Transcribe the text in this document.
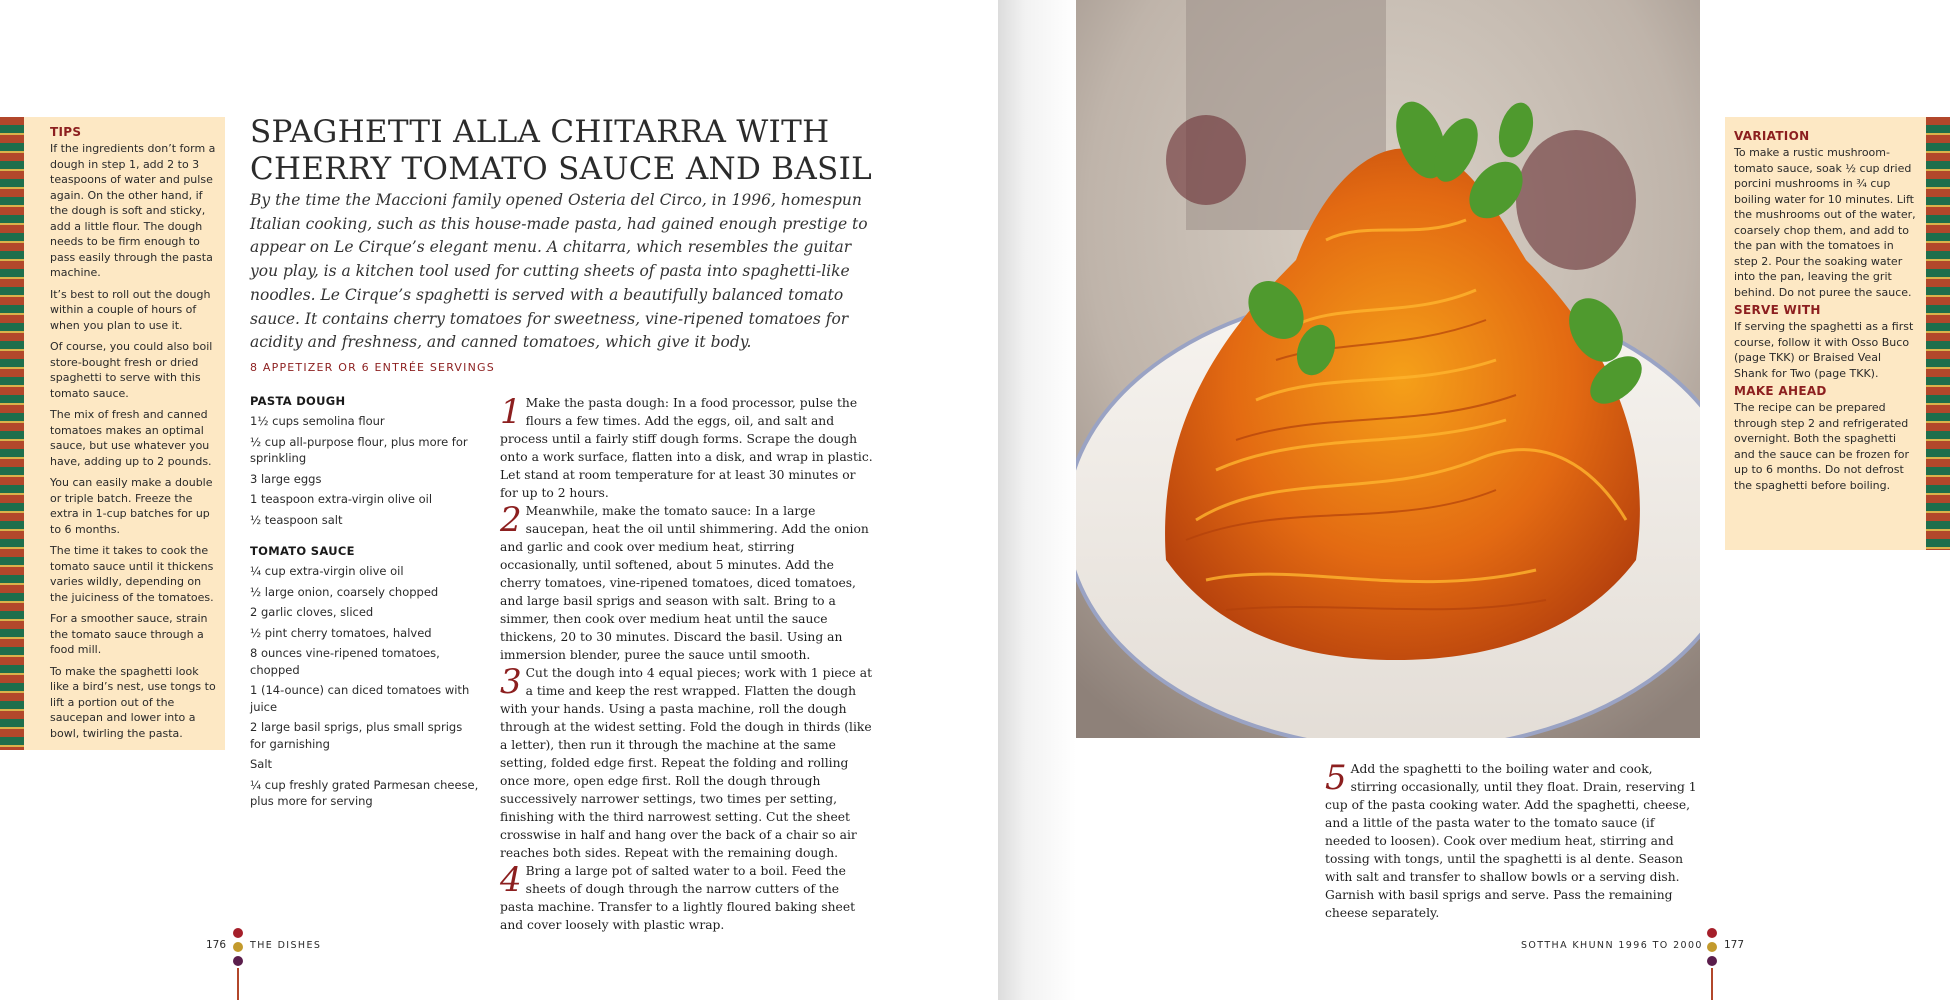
TIPS

If the ingredients don’t form a dough in step 1, add 2 to 3 teaspoons of water and pulse again. On the other hand, if the dough is soft and sticky, add a little flour. The dough needs to be firm enough to pass easily through the pasta machine.

It’s best to roll out the dough within a couple of hours of when you plan to use it.

Of course, you could also boil store-bought fresh or dried spaghetti to serve with this tomato sauce.

The mix of fresh and canned tomatoes makes an optimal sauce, but use whatever you have, adding up to 2 pounds.

You can easily make a double or triple batch. Freeze the extra in 1-cup batches for up to 6 months.

The time it takes to cook the tomato sauce until it thickens varies wildly, depending on the juiciness of the tomatoes.

For a smoother sauce, strain the tomato sauce through a food mill.

To make the spaghetti look like a bird’s nest, use tongs to lift a portion out of the saucepan and lower into a bowl, twirling the pasta.

SPAGHETTI ALLA CHITARRA WITH
CHERRY TOMATO SAUCE AND BASIL

By the time the Maccioni family opened Osteria del Circo, in 1996, homespun Italian cooking, such as this house-made pasta, had gained enough prestige to appear on Le Cirque’s elegant menu. A chitarra, which resembles the guitar you play, is a kitchen tool used for cutting sheets of pasta into spaghetti-like noodles. Le Cirque’s spaghetti is served with a beautifully balanced tomato sauce. It contains cherry tomatoes for sweetness, vine-ripened tomatoes for acidity and freshness, and canned tomatoes, which give it body.

8 APPETIZER OR 6 ENTRÉE SERVINGS

PASTA DOUGH
1½ cups semolina flour
½ cup all-purpose flour, plus more for sprinkling
3 large eggs
1 teaspoon extra-virgin olive oil
½ teaspoon salt
TOMATO SAUCE
¼ cup extra-virgin olive oil
½ large onion, coarsely chopped
2 garlic cloves, sliced
½ pint cherry tomatoes, halved
8 ounces vine-ripened tomatoes, chopped
1 (14-ounce) can diced tomatoes with juice
2 large basil sprigs, plus small sprigs for garnishing
Salt
¼ cup freshly grated Parmesan cheese, plus more for serving

1 Make the pasta dough: In a food processor, pulse the flours a few times. Add the eggs, oil, and salt and process until a fairly stiff dough forms. Scrape the dough onto a work surface, flatten into a disk, and wrap in plastic. Let stand at room temperature for at least 30 minutes or for up to 2 hours.

2 Meanwhile, make the tomato sauce: In a large saucepan, heat the oil until shimmering. Add the onion and garlic and cook over medium heat, stirring occasionally, until softened, about 5 minutes. Add the cherry tomatoes, vine-ripened tomatoes, diced tomatoes, and large basil sprigs and season with salt. Bring to a simmer, then cook over medium heat until the sauce thickens, 20 to 30 minutes. Discard the basil. Using an immersion blender, puree the sauce until smooth.

3 Cut the dough into 4 equal pieces; work with 1 piece at a time and keep the rest wrapped. Flatten the dough with your hands. Using a pasta machine, roll the dough through at the widest setting. Fold the dough in thirds (like a letter), then run it through the machine at the same setting, folded edge first. Repeat the folding and rolling once more, open edge first. Roll the dough through successively narrower settings, two times per setting, finishing with the third narrowest setting. Cut the sheet crosswise in half and hang over the back of a chair so air reaches both sides. Repeat with the remaining dough.

4 Bring a large pot of salted water to a boil. Feed the sheets of dough through the narrow cutters of the pasta machine. Transfer to a lightly floured baking sheet and cover loosely with plastic wrap.

176	THE DISHES

VARIATION

To make a rustic mushroom-tomato sauce, soak ½ cup dried porcini mushrooms in ¾ cup boiling water for 10 minutes. Lift the mushrooms out of the water, coarsely chop them, and add to the pan with the tomatoes in step 2. Pour the soaking water into the pan, leaving the grit behind. Do not puree the sauce.

SERVE WITH

If serving the spaghetti as a first course, follow it with Osso Buco (page TKK) or Braised Veal Shank for Two (page TKK).

MAKE AHEAD

The recipe can be prepared through step 2 and refrigerated overnight. Both the spaghetti and the sauce can be frozen for up to 6 months. Do not defrost the spaghetti before boiling.

5 Add the spaghetti to the boiling water and cook, stirring occasionally, until they float. Drain, reserving 1 cup of the pasta cooking water. Add the spaghetti, cheese, and a little of the pasta water to the tomato sauce (if needed to loosen). Cook over medium heat, stirring and tossing with tongs, until the spaghetti is al dente. Season with salt and transfer to shallow bowls or a serving dish. Garnish with basil sprigs and serve. Pass the remaining cheese separately.

SOTTHA KHUNN 1996 TO 2000 177
